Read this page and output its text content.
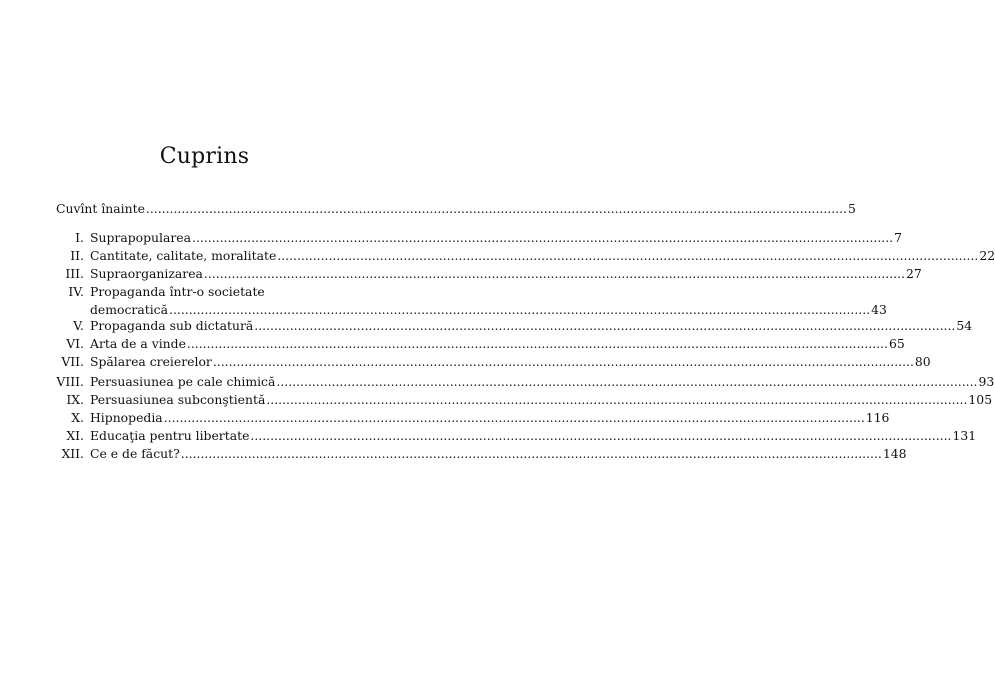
Cuprins
Cuvînt înainte .....	5
I. Suprapopularea .....	7
II. Cantitate, calitate, moralitate .....	22
III. Supraorganizarea .....	27
IV. Propaganda într-o societate
democratică .....	43
V. Propaganda sub dictatură .....	54
VI. Arta de a vinde .....	65
VII. Spălarea creierelor .....	80
VIII. Persuasiunea pe cale chimică .....	93
IX. Persuasiunea subconştientă .....	105
X. Hipnopedia .....	116
XI. Educaţia pentru libertate .....	131
XII. Ce e de făcut? .....	148
